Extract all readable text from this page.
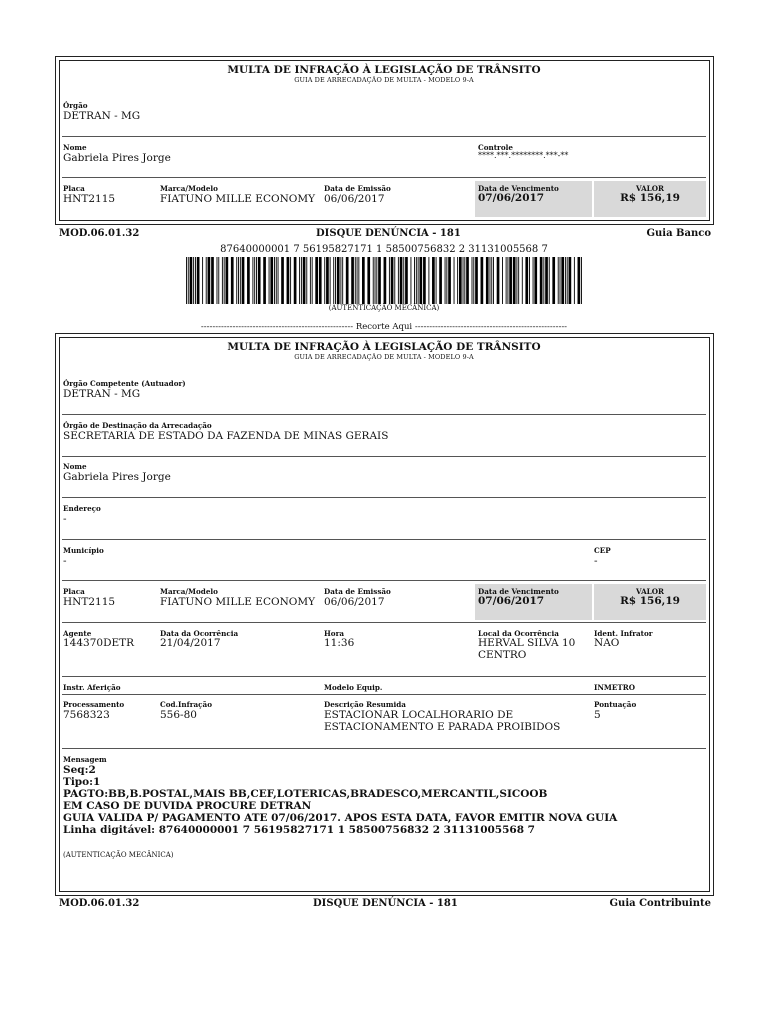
MULTA DE INFRAÇÃO À LEGISLAÇÃO DE TRÂNSITO
GUIA DE ARRECADAÇÃO DE MULTA - MODELO 9-A
Órgão
DETRAN - MG
Nome
Gabriela Pires Jorge
Controle
****.***.********.***-**
Placa
HNT2115
Marca/Modelo
FIATUNO MILLE ECONOMY
Data de Emissão
06/06/2017
Data de Vencimento
07/06/2017
VALOR
R$ 156,19
MOD.06.01.32	DISQUE DENÚNCIA - 181	Guia Banco
87640000001 7 56195827171 1 58500756832 2 31131005568 7
(AUTENTICAÇÃO MECÂNICA)
----------------------------------------------------- Recorte Aqui -----------------------------------------------------
MULTA DE INFRAÇÃO À LEGISLAÇÃO DE TRÂNSITO
GUIA DE ARRECADAÇÃO DE MULTA - MODELO 9-A
Órgão Competente (Autuador)
DETRAN - MG
Órgão de Destinação da Arrecadação
SECRETARIA DE ESTADO DA FAZENDA DE MINAS GERAIS
Nome
Gabriela Pires Jorge
Endereço
-
Município
-
CEP
-
Placa
HNT2115
Marca/Modelo
FIATUNO MILLE ECONOMY
Data de Emissão
06/06/2017
Data de Vencimento
07/06/2017
VALOR
R$ 156,19
Agente
144370DETR
Data da Ocorrência
21/04/2017
Hora
11:36
Local da Ocorrência
HERVAL SILVA 10
CENTRO
Ident. Infrator
NAO
Instr. Aferição	Modelo Equip.	INMETRO
Processamento
7568323
Cod.Infração
556-80
Descrição Resumida
ESTACIONAR LOCALHORARIO DE
ESTACIONAMENTO E PARADA PROIBIDOS
Pontuação
5
Mensagem
Seq:2
Tipo:1
PAGTO:BB,B.POSTAL,MAIS BB,CEF,LOTERICAS,BRADESCO,MERCANTIL,SICOOB
EM CASO DE DUVIDA PROCURE DETRAN
GUIA VALIDA P/ PAGAMENTO ATE 07/06/2017. APOS ESTA DATA, FAVOR EMITIR NOVA GUIA
Linha digitável: 87640000001 7 56195827171 1 58500756832 2 31131005568 7
(AUTENTICAÇÃO MECÂNICA)
MOD.06.01.32	DISQUE DENÚNCIA - 181	Guia Contribuinte
